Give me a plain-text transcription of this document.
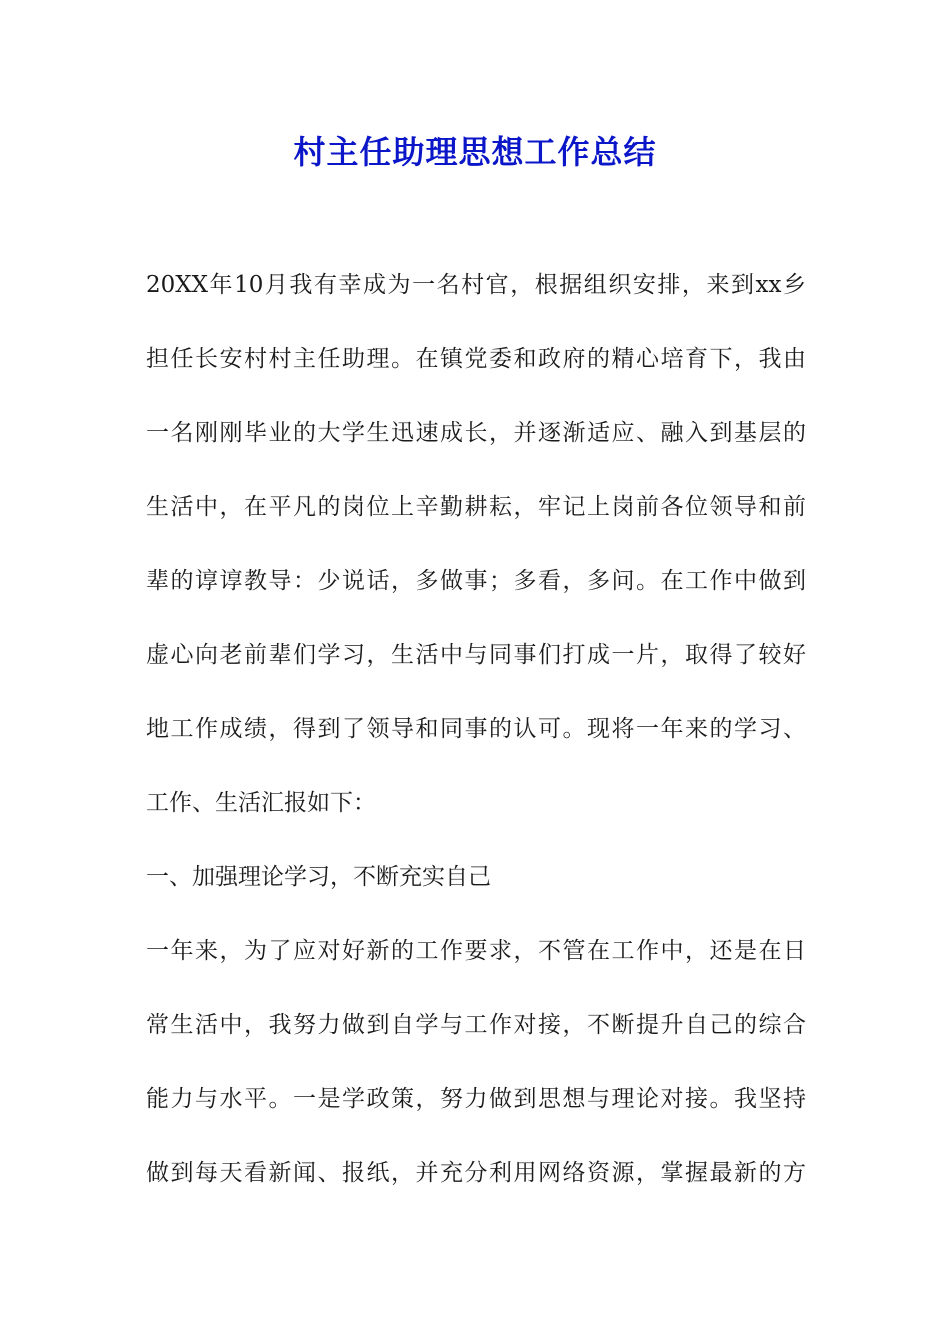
村主任助理思想工作总结
20XX年10月我有幸成为一名村官，根据组织安排，来到xx乡
担任长安村村主任助理。在镇党委和政府的精心培育下，我由
一名刚刚毕业的大学生迅速成长，并逐渐适应、融入到基层的
生活中，在平凡的岗位上辛勤耕耘，牢记上岗前各位领导和前
辈的谆谆教导：少说话，多做事；多看，多问。在工作中做到
虚心向老前辈们学习，生活中与同事们打成一片，取得了较好
地工作成绩，得到了领导和同事的认可。现将一年来的学习、
工作、生活汇报如下：
一、加强理论学习，不断充实自己
一年来，为了应对好新的工作要求，不管在工作中，还是在日
常生活中，我努力做到自学与工作对接，不断提升自己的综合
能力与水平。一是学政策，努力做到思想与理论对接。我坚持
做到每天看新闻、报纸，并充分利用网络资源，掌握最新的方
